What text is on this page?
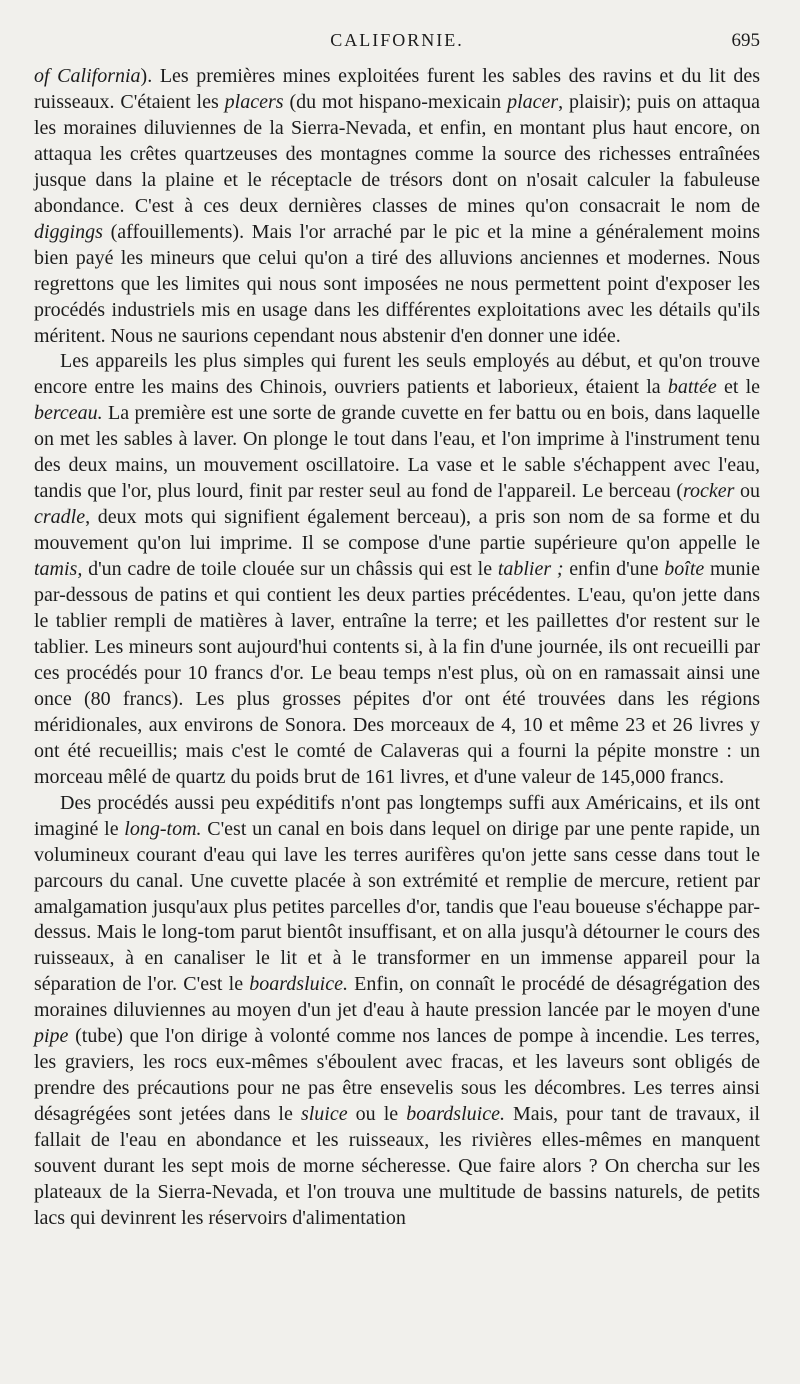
CALIFORNIE.	695

of California). Les premières mines exploitées furent les sables des ravins et du lit des ruisseaux. C'étaient les placers (du mot hispano-mexicain placer, plaisir); puis on attaqua les moraines diluviennes de la Sierra-Nevada, et enfin, en montant plus haut encore, on attaqua les crêtes quartzeuses des montagnes comme la source des richesses entraînées jusque dans la plaine et le réceptacle de trésors dont on n'osait calculer la fabuleuse abondance. C'est à ces deux dernières classes de mines qu'on consacrait le nom de diggings (affouillements). Mais l'or arraché par le pic et la mine a généralement moins bien payé les mineurs que celui qu'on a tiré des alluvions anciennes et modernes. Nous regrettons que les limites qui nous sont imposées ne nous permettent point d'exposer les procédés industriels mis en usage dans les différentes exploitations avec les détails qu'ils méritent. Nous ne saurions cependant nous abstenir d'en donner une idée.

Les appareils les plus simples qui furent les seuls employés au début, et qu'on trouve encore entre les mains des Chinois, ouvriers patients et laborieux, étaient la battée et le berceau. La première est une sorte de grande cuvette en fer battu ou en bois, dans laquelle on met les sables à laver. On plonge le tout dans l'eau, et l'on imprime à l'instrument tenu des deux mains, un mouvement oscillatoire. La vase et le sable s'échappent avec l'eau, tandis que l'or, plus lourd, finit par rester seul au fond de l'appareil. Le berceau (rocker ou cradle, deux mots qui signifient également berceau), a pris son nom de sa forme et du mouvement qu'on lui imprime. Il se compose d'une partie supérieure qu'on appelle le tamis, d'un cadre de toile clouée sur un châssis qui est le tablier ; enfin d'une boîte munie par-dessous de patins et qui contient les deux parties précédentes. L'eau, qu'on jette dans le tablier rempli de matières à laver, entraîne la terre; et les paillettes d'or restent sur le tablier. Les mineurs sont aujourd'hui contents si, à la fin d'une journée, ils ont recueilli par ces procédés pour 10 francs d'or. Le beau temps n'est plus, où on en ramassait ainsi une once (80 francs). Les plus grosses pépites d'or ont été trouvées dans les régions méridionales, aux environs de Sonora. Des morceaux de 4, 10 et même 23 et 26 livres y ont été recueillis; mais c'est le comté de Calaveras qui a fourni la pépite monstre : un morceau mêlé de quartz du poids brut de 161 livres, et d'une valeur de 145,000 francs.

Des procédés aussi peu expéditifs n'ont pas longtemps suffi aux Américains, et ils ont imaginé le long-tom. C'est un canal en bois dans lequel on dirige par une pente rapide, un volumineux courant d'eau qui lave les terres aurifères qu'on jette sans cesse dans tout le parcours du canal. Une cuvette placée à son extrémité et remplie de mercure, retient par amalgamation jusqu'aux plus petites parcelles d'or, tandis que l'eau boueuse s'échappe par-dessus. Mais le long-tom parut bientôt insuffisant, et on alla jusqu'à détourner le cours des ruisseaux, à en canaliser le lit et à le transformer en un immense appareil pour la séparation de l'or. C'est le boardsluice. Enfin, on connaît le procédé de désagrégation des moraines diluviennes au moyen d'un jet d'eau à haute pression lancée par le moyen d'une pipe (tube) que l'on dirige à volonté comme nos lances de pompe à incendie. Les terres, les graviers, les rocs eux-mêmes s'éboulent avec fracas, et les laveurs sont obligés de prendre des précautions pour ne pas être ensevelis sous les décombres. Les terres ainsi désagrégées sont jetées dans le sluice ou le boardsluice. Mais, pour tant de travaux, il fallait de l'eau en abondance et les ruisseaux, les rivières elles-mêmes en manquent souvent durant les sept mois de morne sécheresse. Que faire alors ? On chercha sur les plateaux de la Sierra-Nevada, et l'on trouva une multitude de bassins naturels, de petits lacs qui devinrent les réservoirs d'alimentation
